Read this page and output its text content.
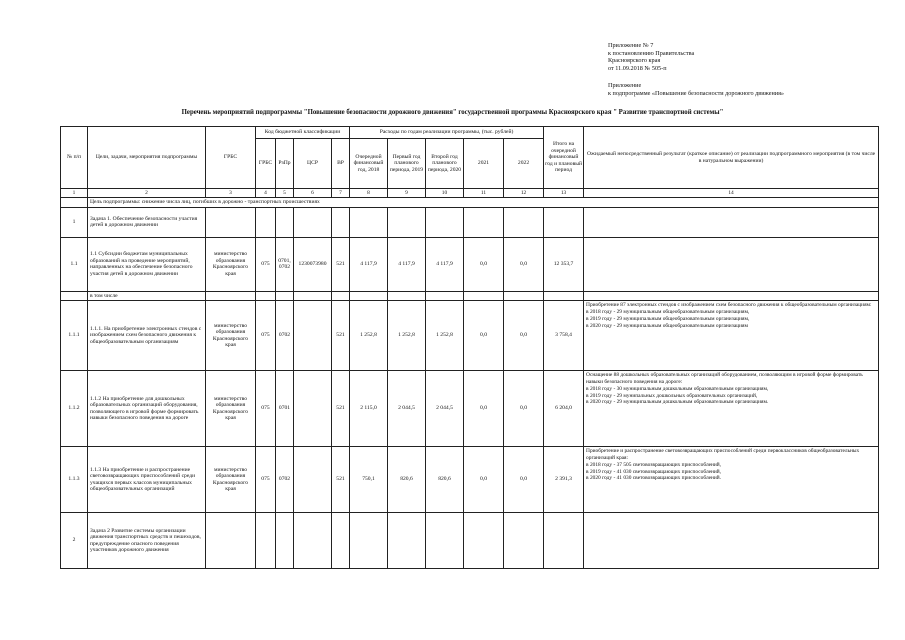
Приложение № 7
к постановлению Правительства
Красноярского края
от 11.09.2018 № 505-п
Приложение
к подпрограмме «Повышение безопасности дорожного движения»
Перечень мероприятий подпрограммы "Повышение безопасности дорожного движения" государственной программы Красноярского края " Развитие транспортной системы"
№ п/п	Цели, задачи, мероприятия подпрограммы	ГРБС	Код бюджетной классификации				Расходы по годам реализации программы, (тыс. рублей)					Итого на очередной финансовый год и плановый период	Ожидаемый непосредственный результат (краткое описание) от реализации подпрограммного мероприятия (в том числе в натуральном выражении)
			ГРБС	РзПр	ЦСР	ВР	Очередной финансовый год, 2018	Первый год планового периода, 2019	Второй год планового периода, 2020	2021	2022		
1	2	3	4	5	6	7	8	9	10	11	12	13	14
	Цель подпрограммы: снижение числа лиц, погибших в дорожно - транспортных происшествиях												
1	Задача 1. Обеспечение безопасности участия детей в дорожном движении												
1.1	1.1 Субсидии бюджетам муниципальных образований на проведение мероприятий, направленных на обеспечение безопасного участия детей в дорожном движении	министерство образования Красноярского края	075	0701, 0702	1230073980	521	4 117,9	4 117,9	4 117,9	0,0	0,0	12 353,7	
	в том числе												
1.1.1	1.1.1. На приобретение электронных стендов с изображением схем безопасного движения к общеобразовательным организациям	министерство образования Красноярского края	075	0702		521	1 252,8	1 252,8	1 252,8	0,0	0,0	3 758,4	Приобретение 87 электронных стендов с изображением схем безопасного движения к общеобразовательным организациям:
в 2018 году - 29 муниципальным общеобразовательным организациям,
в 2019 году - 29 муниципальным общеобразовательным организациям,
в 2020 году - 29 муниципальным общеобразовательным организациям

1.1.2	1.1.2 На приобретение для дошкольных образовательных организаций оборудования, позволяющего в игровой форме формировать навыки безопасного поведения на дороге	министерство образования Красноярского края	075	0701		521	2 115,0	2 044,5	2 044,5	0,0	0,0	6 204,0	Оснащение 88 дошкольных образовательных организаций оборудованием, позволяющим в игровой форме формировать навыки безопасного поведения на дороге:
в 2018 году - 30 муниципальным дошкольным образовательным организациям,
в 2019 году - 29 мунипальных дошкольных образовательных организаций,
в 2020 году - 29 муниципальным дошкольным образовательным организациям.

1.1.3	1.1.3 На приобретение и распространение световозвращающих приспособлений среди учащихся первых классов муниципальных общеобразовательных организаций	министерство образования Красноярского края	075	0702		521	750,1	820,6	820,6	0,0	0,0	2 391,3	Приобретение и распространение световозвращающих приспособлений среди первоклассников общеобразовательных организаций края:
в 2018 году - 37 505 световозвращающих приспособлений,
в 2019 году - 41 030 световозвращающих приспособлений,
в 2020 году - 41 030 световозвращающих приспособлений.

2	Задача 2 Развитие системы организации движения транспортных средств и пешеходов, предупреждение опасного поведения участников дорожного движения												
